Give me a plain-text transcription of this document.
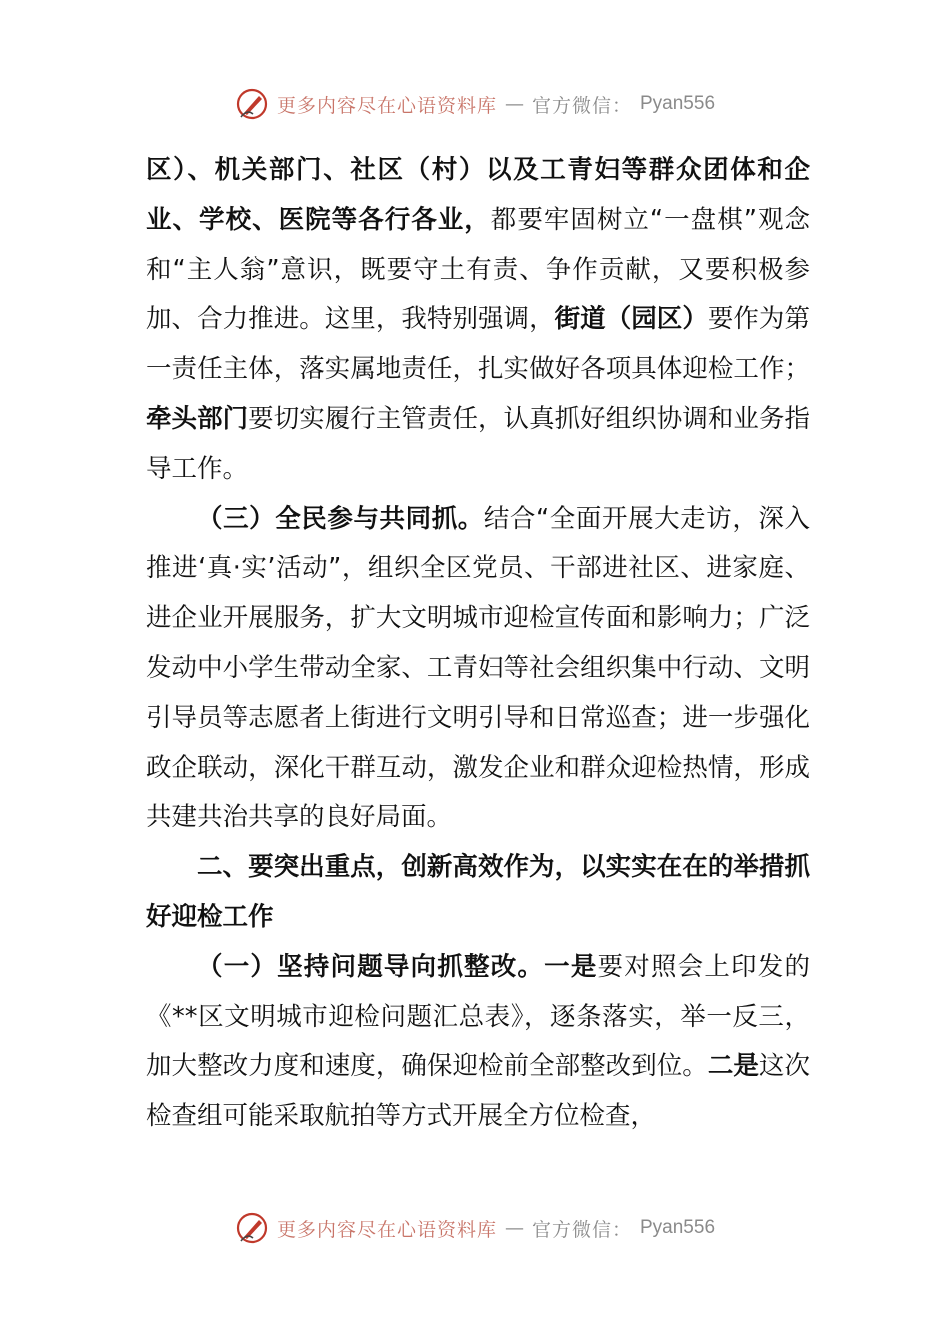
更多内容尽在心语资料库 — 官方微信： Pyan556

区）、机关部门、社区（村）以及工青妇等群众团体和企业、学校、医院等各行各业，都要牢固树立“一盘棋”观念和“主人翁”意识，既要守土有责、争作贡献，又要积极参加、合力推进。这里，我特别强调，街道（园区）要作为第一责任主体，落实属地责任，扎实做好各项具体迎检工作；牵头部门要切实履行主管责任，认真抓好组织协调和业务指导工作。

（三）全民参与共同抓。结合“全面开展大走访，深入推进‘真·实’活动”，组织全区党员、干部进社区、进家庭、进企业开展服务，扩大文明城市迎检宣传面和影响力；广泛发动中小学生带动全家、工青妇等社会组织集中行动、文明引导员等志愿者上街进行文明引导和日常巡查；进一步强化政企联动，深化干群互动，激发企业和群众迎检热情，形成共建共治共享的良好局面。

二、要突出重点，创新高效作为，以实实在在的举措抓好迎检工作

（一）坚持问题导向抓整改。一是要对照会上印发的《**区文明城市迎检问题汇总表》，逐条落实，举一反三，加大整改力度和速度，确保迎检前全部整改到位。二是这次检查组可能采取航拍等方式开展全方位检查，

更多内容尽在心语资料库 — 官方微信： Pyan556
